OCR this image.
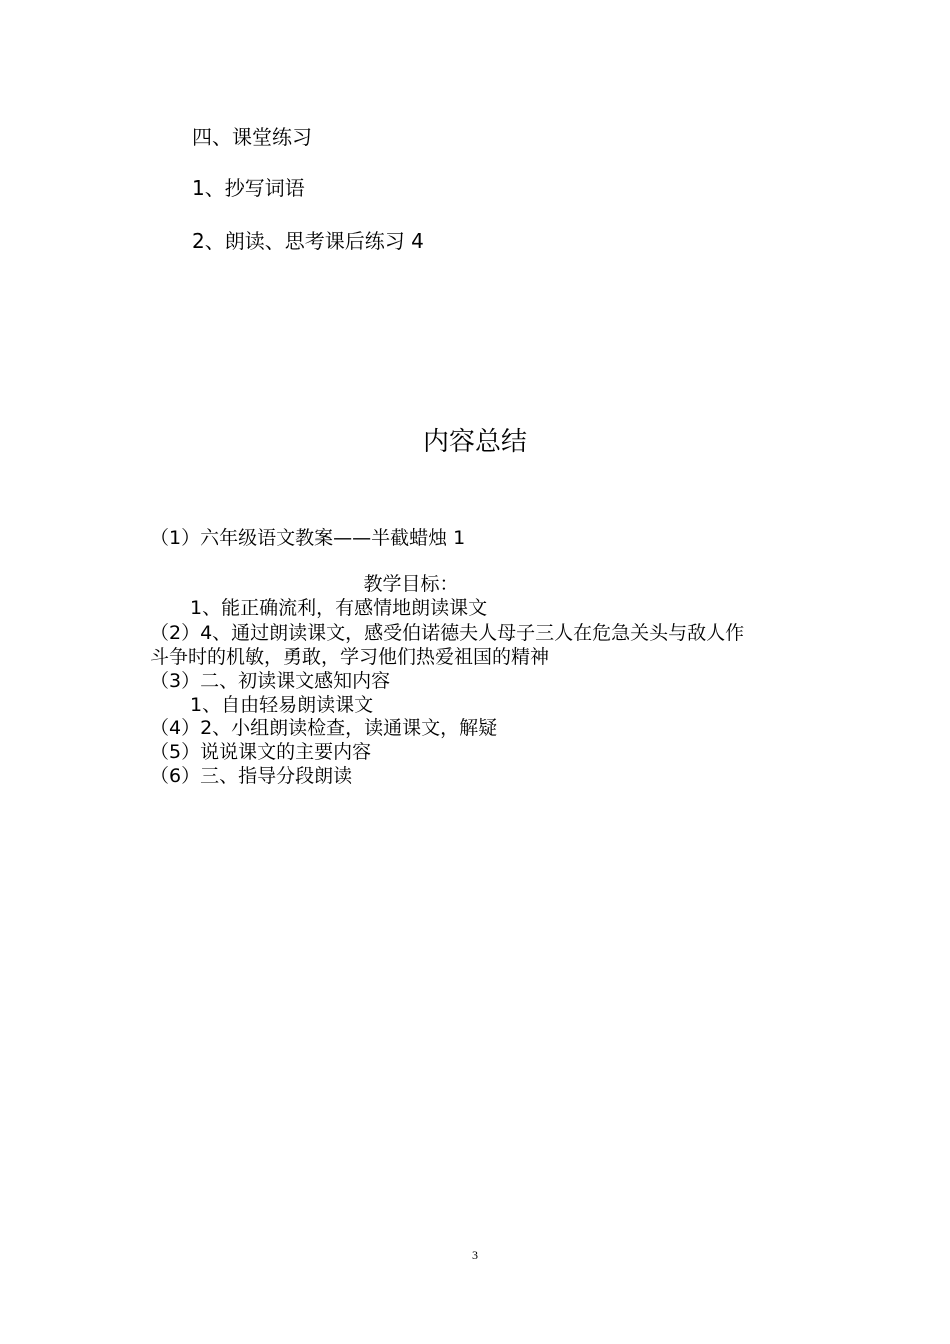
四、课堂练习
1、抄写词语
2、朗读、思考课后练习 4
内容总结
（1）六年级语文教案——半截蜡烛 1
教学目标：
1、能正确流利，有感情地朗读课文
（2）4、通过朗读课文，感受伯诺德夫人母子三人在危急关头与敌人作
斗争时的机敏，勇敢，学习他们热爱祖国的精神
（3）二、初读课文感知内容
1、自由轻易朗读课文
（4）2、小组朗读检查，读通课文，解疑
（5）说说课文的主要内容
（6）三、指导分段朗读
3
